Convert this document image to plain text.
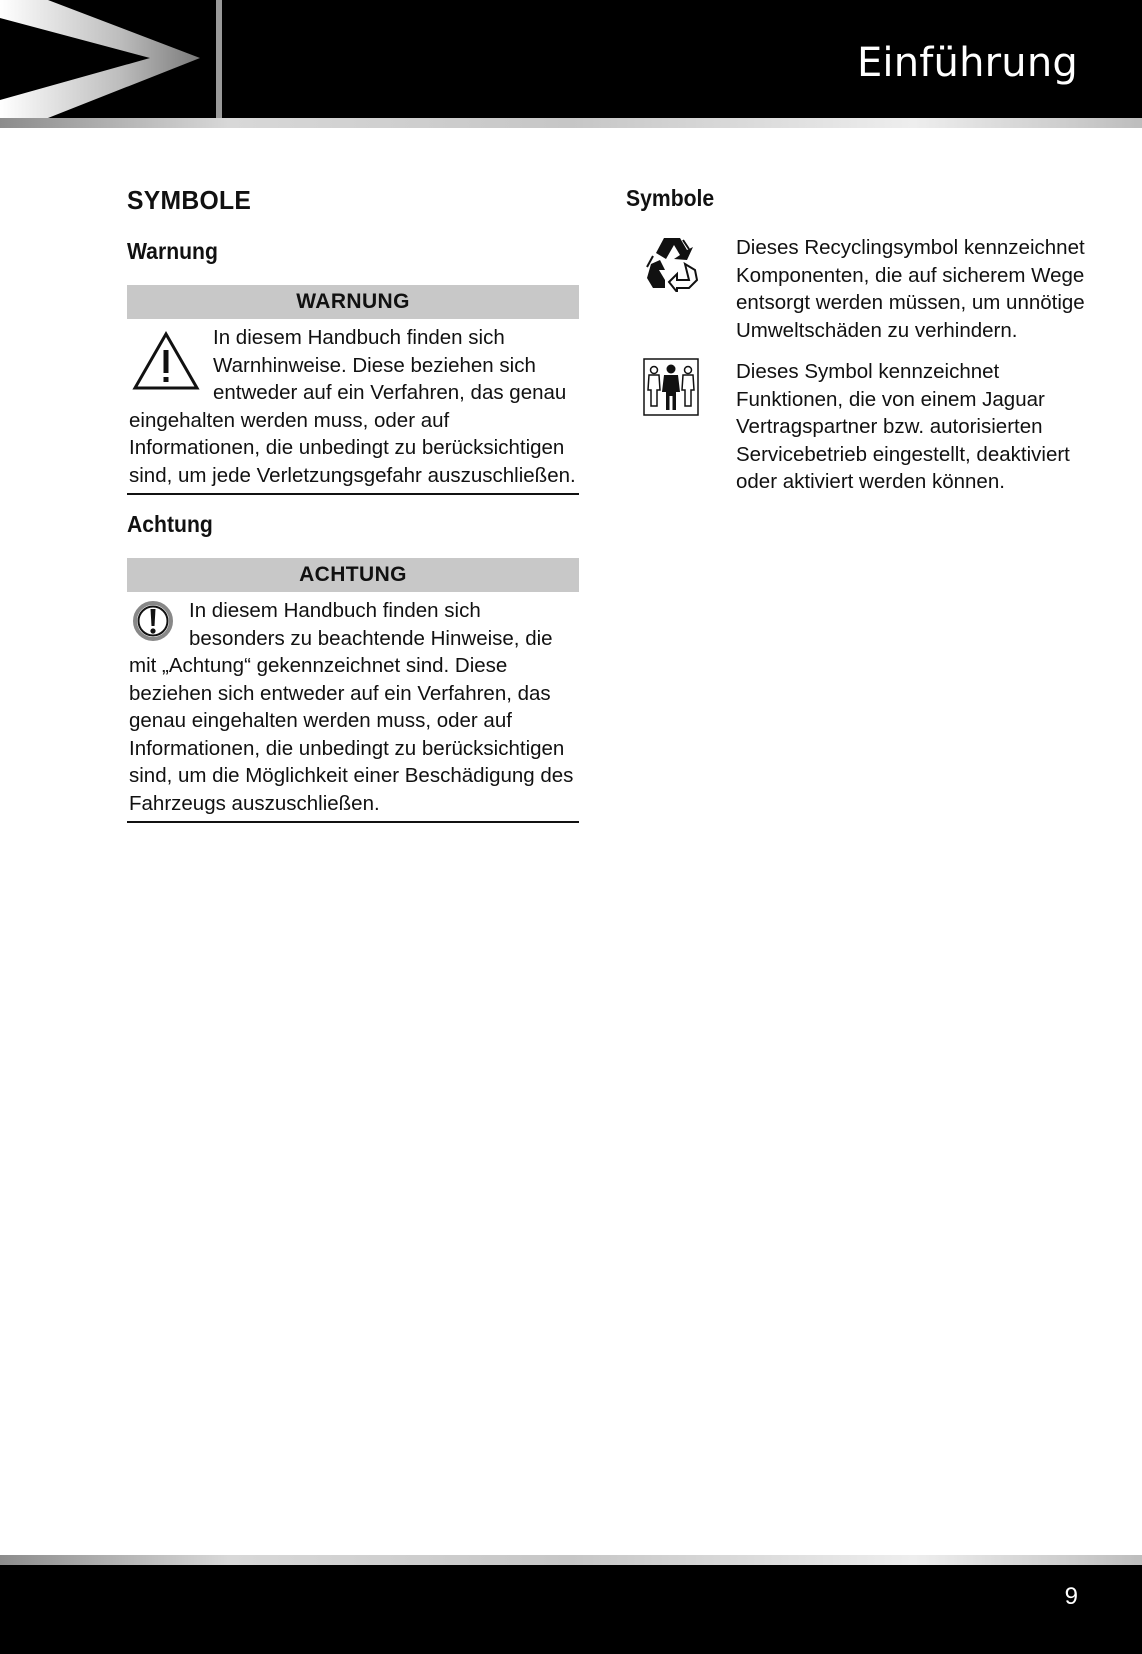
Einführung
SYMBOLE
Warnung
WARNUNG
In diesem Handbuch finden sich Warnhinweise. Diese beziehen sich entweder auf ein Verfahren, das genau eingehalten werden muss, oder auf Informationen, die unbedingt zu berücksichtigen sind, um jede Verletzungsgefahr auszuschließen.
Achtung
ACHTUNG
In diesem Handbuch finden sich besonders zu beachtende Hinweise, die mit „Achtung“ gekennzeichnet sind. Diese beziehen sich entweder auf ein Verfahren, das genau eingehalten werden muss, oder auf Informationen, die unbedingt zu berücksichtigen sind, um die Möglichkeit einer Beschädigung des Fahrzeugs auszuschließen.
Symbole
Dieses Recyclingsymbol kennzeichnet Komponenten, die auf sicherem Wege entsorgt werden müssen, um unnötige Umweltschäden zu verhindern.
Dieses Symbol kennzeichnet Funktionen, die von einem Jaguar Vertragspartner bzw. autorisierten Servicebetrieb eingestellt, deaktiviert oder aktiviert werden können.
9
